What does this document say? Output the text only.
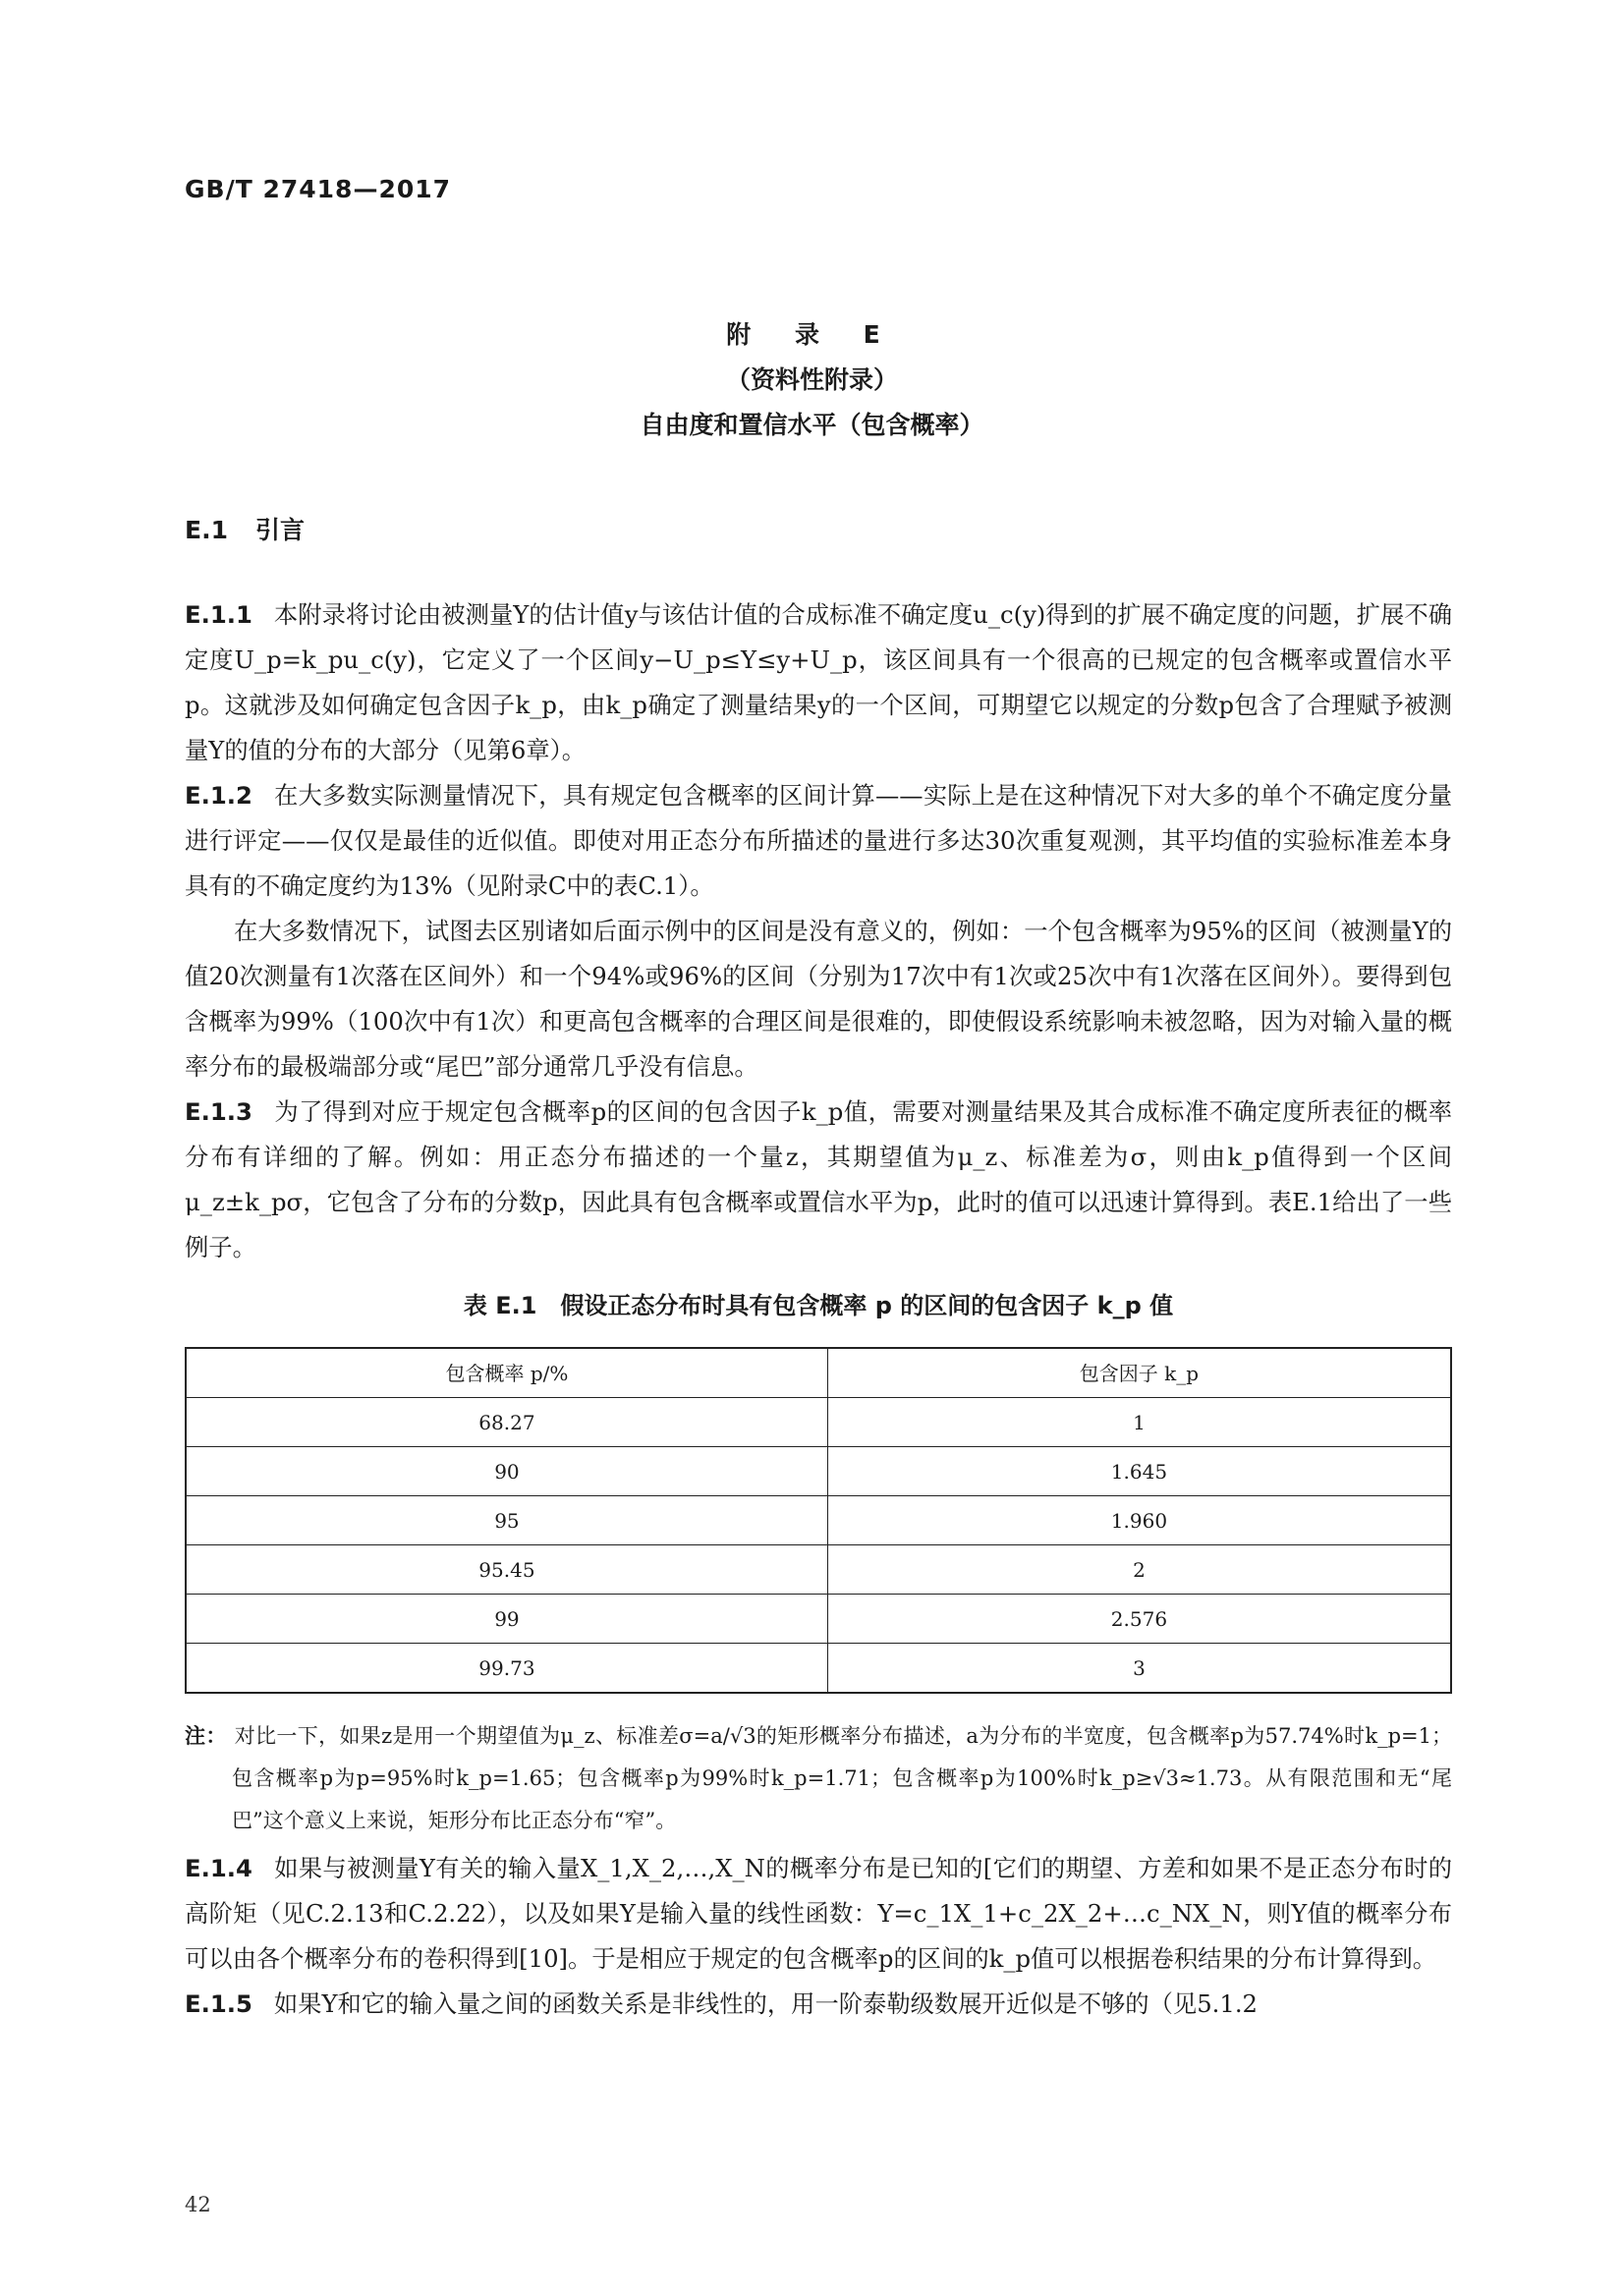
GB/T 27418—2017
附 录 E
（资料性附录）
自由度和置信水平（包含概率）
E.1 引言

E.1.1 本附录将讨论由被测量Y的估计值y与该估计值的合成标准不确定度u_c(y)得到的扩展不确定度的问题，扩展不确定度U_p=k_pu_c(y)，它定义了一个区间y−U_p≤Y≤y+U_p，该区间具有一个很高的已规定的包含概率或置信水平p。这就涉及如何确定包含因子k_p，由k_p确定了测量结果y的一个区间，可期望它以规定的分数p包含了合理赋予被测量Y的值的分布的大部分（见第6章）。

E.1.2 在大多数实际测量情况下，具有规定包含概率的区间计算——实际上是在这种情况下对大多的单个不确定度分量进行评定——仅仅是最佳的近似值。即使对用正态分布所描述的量进行多达30次重复观测，其平均值的实验标准差本身具有的不确定度约为13%（见附录C中的表C.1）。

在大多数情况下，试图去区别诸如后面示例中的区间是没有意义的，例如：一个包含概率为95%的区间（被测量Y的值20次测量有1次落在区间外）和一个94%或96%的区间（分别为17次中有1次或25次中有1次落在区间外）。要得到包含概率为99%（100次中有1次）和更高包含概率的合理区间是很难的，即使假设系统影响未被忽略，因为对输入量的概率分布的最极端部分或“尾巴”部分通常几乎没有信息。

E.1.3 为了得到对应于规定包含概率p的区间的包含因子k_p值，需要对测量结果及其合成标准不确定度所表征的概率分布有详细的了解。例如：用正态分布描述的一个量z，其期望值为μ_z、标准差为σ，则由k_p值得到一个区间μ_z±k_pσ，它包含了分布的分数p，因此具有包含概率或置信水平为p，此时的值可以迅速计算得到。表E.1给出了一些例子。

表 E.1　假设正态分布时具有包含概率 p 的区间的包含因子 k_p 值
包含概率 p/%	包含因子 k_p
68.27	1
90	1.645
95	1.960
95.45	2
99	2.576
99.73	3

注： 对比一下，如果z是用一个期望值为μ_z、标准差σ=a/√3的矩形概率分布描述，a为分布的半宽度，包含概率p为57.74%时k_p=1；包含概率p为p=95%时k_p=1.65；包含概率p为99%时k_p=1.71；包含概率p为100%时k_p≥√3≈1.73。从有限范围和无“尾巴”这个意义上来说，矩形分布比正态分布“窄”。

E.1.4 如果与被测量Y有关的输入量X_1,X_2,…,X_N的概率分布是已知的[它们的期望、方差和如果不是正态分布时的高阶矩（见C.2.13和C.2.22），以及如果Y是输入量的线性函数：Y=c_1X_1+c_2X_2+…c_NX_N，则Y值的概率分布可以由各个概率分布的卷积得到[10]。于是相应于规定的包含概率p的区间的k_p值可以根据卷积结果的分布计算得到。

E.1.5 如果Y和它的输入量之间的函数关系是非线性的，用一阶泰勒级数展开近似是不够的（见5.1.2

42
